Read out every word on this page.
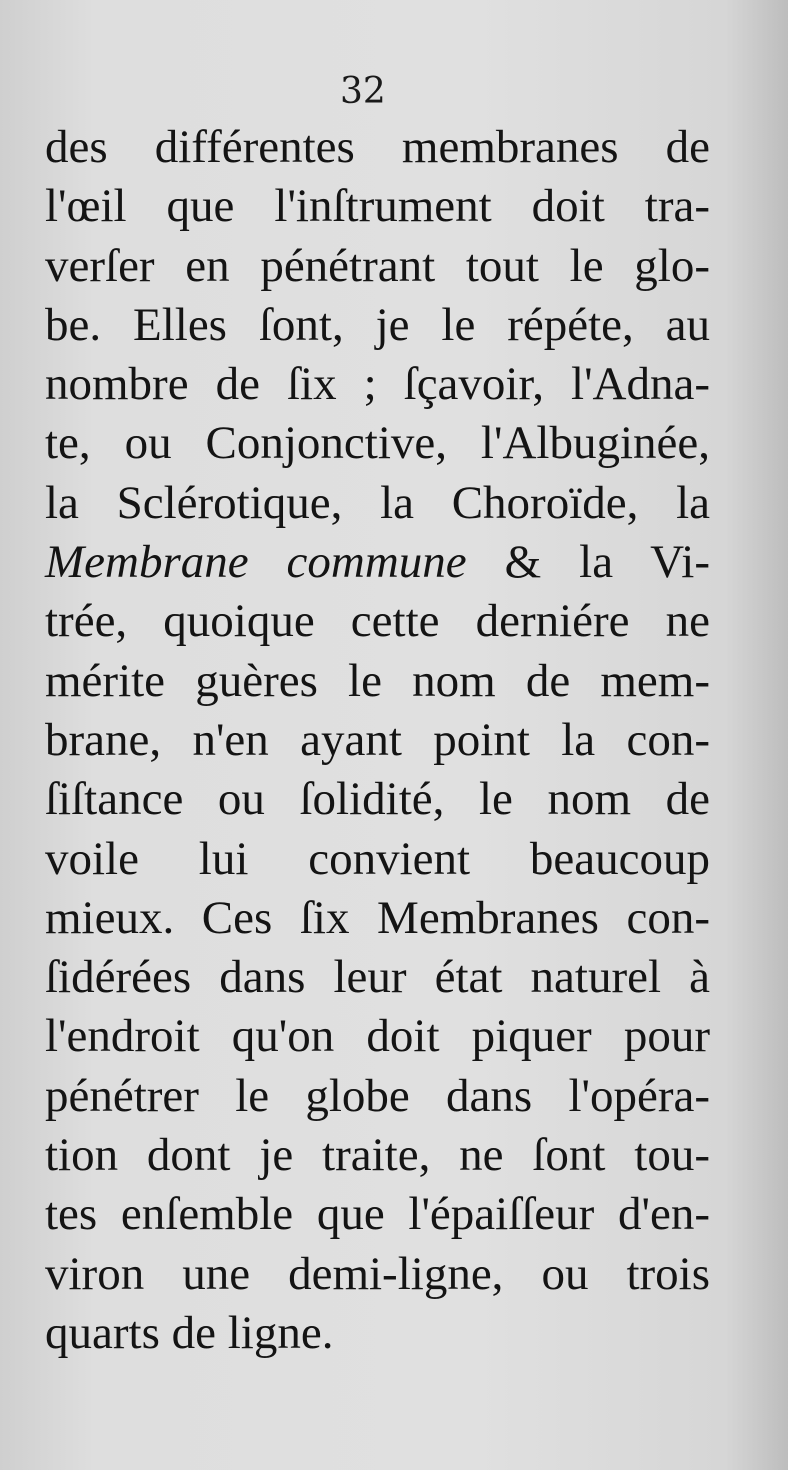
32
des différentes membranes de
l'œil que l'inſtrument doit tra-
verſer en pénétrant tout le glo-
be. Elles ſont, je le répéte, au
nombre de ſix ; ſçavoir, l'Adna-
te, ou Conjonctive, l'Albuginée,
la Sclérotique, la Choroïde, la
Membrane commune & la Vi-
trée, quoique cette derniére ne
mérite guères le nom de mem-
brane, n'en ayant point la con-
ſiſtance ou ſolidité, le nom de
voile lui convient beaucoup
mieux. Ces ſix Membranes con-
ſidérées dans leur état naturel à
l'endroit qu'on doit piquer pour
pénétrer le globe dans l'opéra-
tion dont je traite, ne ſont tou-
tes enſemble que l'épaiſſeur d'en-
viron une demi-ligne, ou trois
quarts de ligne.
